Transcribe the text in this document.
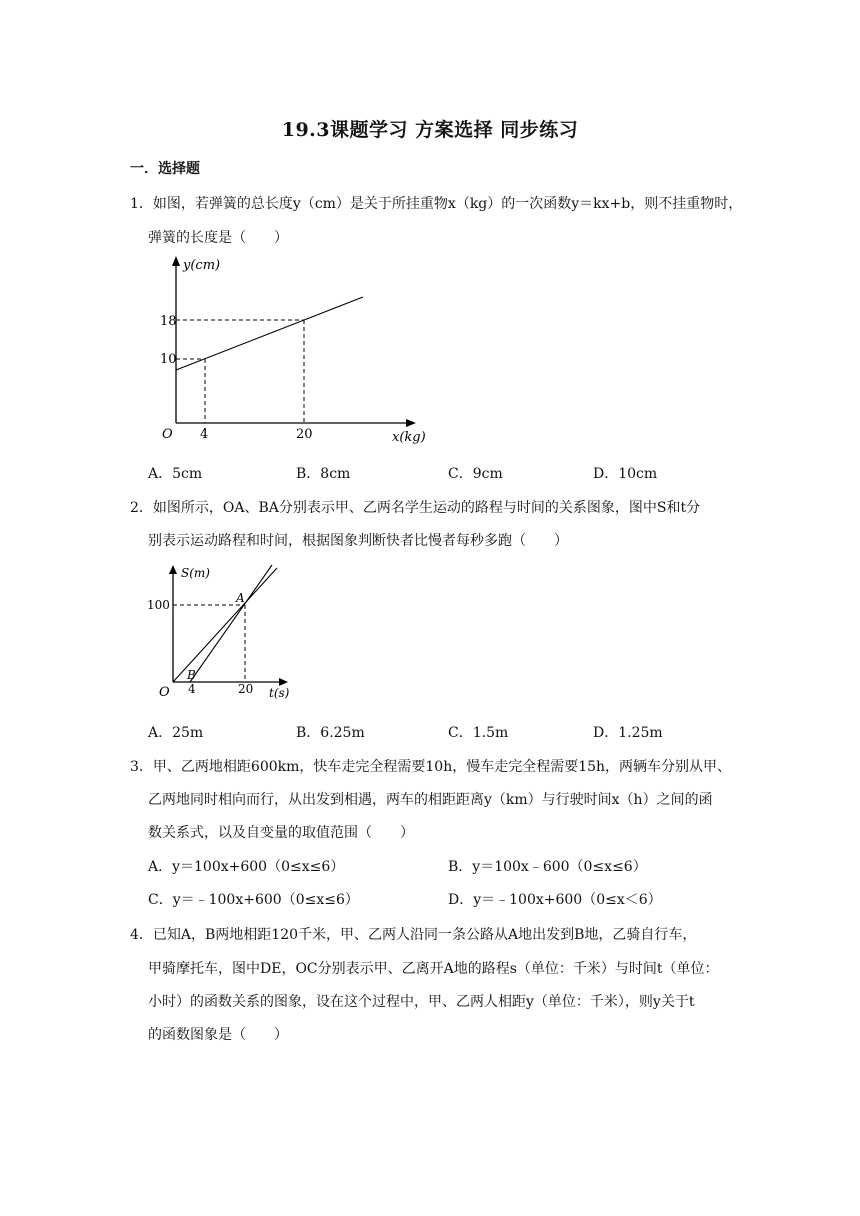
19.3课题学习 方案选择 同步练习
一．选择题
1．如图，若弹簧的总长度y（cm）是关于所挂重物x（kg）的一次函数y＝kx+b，则不挂重物时，
弹簧的长度是（　　）
y(cm)
x(kg)
18
10
O 4	20
A．5cm	B．8cm	C．9cm	D．10cm
2．如图所示，OA、BA分别表示甲、乙两名学生运动的路程与时间的关系图象，图中S和t分
别表示运动路程和时间，根据图象判断快者比慢者每秒多跑（　　）
S(m)
t(s)
100
O 4	20
A
B
A．25m	B．6.25m	C．1.5m	D．1.25m
3．甲、乙两地相距600km，快车走完全程需要10h，慢车走完全程需要15h，两辆车分别从甲、
乙两地同时相向而行，从出发到相遇，两车的相距距离y（km）与行驶时间x（h）之间的函
数关系式，以及自变量的取值范围（　　）
A．y＝100x+600（0≤x≤6）	B．y＝100x﹣600（0≤x≤6）
C．y＝﹣100x+600（0≤x≤6）	D．y＝﹣100x+600（0≤x＜6）
4．已知A，B两地相距120千米，甲、乙两人沿同一条公路从A地出发到B地，乙骑自行车，
甲骑摩托车，图中DE，OC分别表示甲、乙离开A地的路程s（单位：千米）与时间t（单位：
小时）的函数关系的图象，设在这个过程中，甲、乙两人相距y（单位：千米），则y关于t
的函数图象是（　　）
